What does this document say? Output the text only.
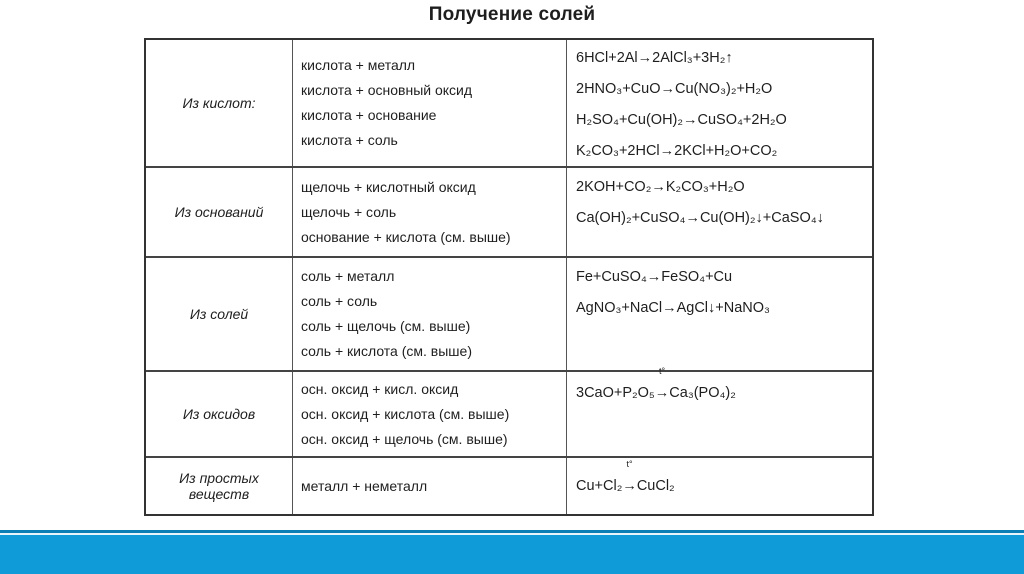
Получение солей
Из кислот:
кислота + металл
кислота + основный оксид
кислота + основание
кислота + соль
6HCl+2Al→2AlCl₃+3H₂↑
2HNO₃+CuO→Cu(NO₃)₂+H₂O
H₂SO₄+Cu(OH)₂→CuSO₄+2H₂O
K₂CO₃+2HCl→2KCl+H₂O+CO₂
Из оснований
щелочь + кислотный оксид
щелочь + соль
основание + кислота (см. выше)
2KOH+CO₂→K₂CO₃+H₂O
Ca(OH)₂+CuSO₄→Cu(OH)₂↓+CaSO₄↓
Из солей
соль + металл
соль + соль
соль + щелочь (см. выше)
соль + кислота (см. выше)
Fe+CuSO₄→FeSO₄+Cu
AgNO₃+NaCl→AgCl↓+NaNO₃
Из оксидов
осн. оксид + кисл. оксид
осн. оксид + кислота (см. выше)
осн. оксид + щелочь (см. выше)
3CaO+P₂O₅
t°
→Ca₃(PO₄)₂
Из простых веществ
металл + неметалл	Cu+Cl₂
t°
→CuCl₂
